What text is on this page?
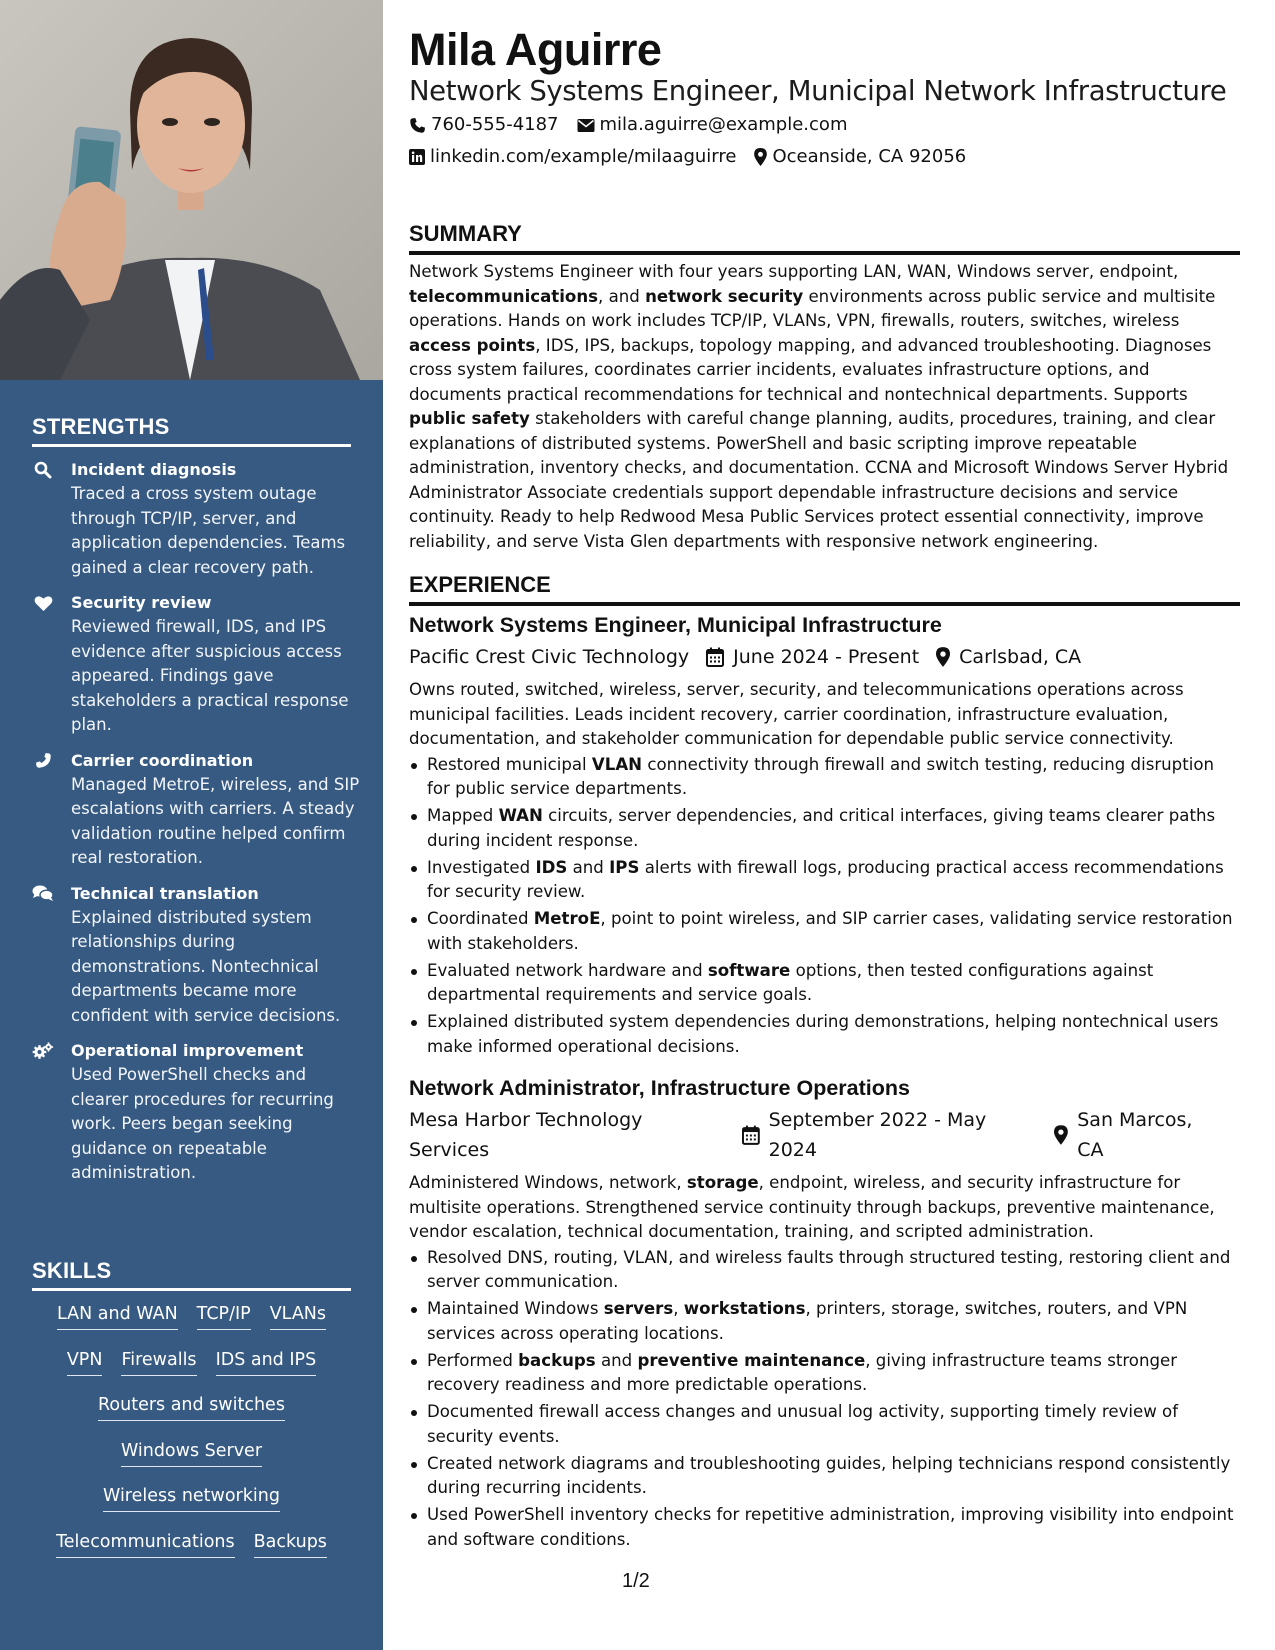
STRENGTHS
Incident diagnosis
Traced a cross system outage through TCP/IP, server, and application dependencies. Teams gained a clear recovery path.
Security review
Reviewed firewall, IDS, and IPS evidence after suspicious access appeared. Findings gave stakeholders a practical response plan.
Carrier coordination
Managed MetroE, wireless, and SIP escalations with carriers. A steady validation routine helped confirm real restoration.
Technical translation
Explained distributed system relationships during demonstrations. Nontechnical departments became more confident with service decisions.
Operational improvement
Used PowerShell checks and clearer procedures for recurring work. Peers began seeking guidance on repeatable administration.
SKILLS
LAN and WAN TCP/IP VLANs
VPN Firewalls IDS and IPS
Routers and switches
Windows Server
Wireless networking
Telecommunications Backups
Mila Aguirre
Network Systems Engineer, Municipal Network Infrastructure
760-555-4187 mila.aguirre@example.com
linkedin.com/example/milaaguirre Oceanside, CA 92056
SUMMARY
Network Systems Engineer with four years supporting LAN, WAN, Windows server, endpoint, telecommunications, and network security environments across public service and multisite operations. Hands on work includes TCP/IP, VLANs, VPN, firewalls, routers, switches, wireless access points, IDS, IPS, backups, topology mapping, and advanced troubleshooting. Diagnoses cross system failures, coordinates carrier incidents, evaluates infrastructure options, and documents practical recommendations for technical and nontechnical departments. Supports public safety stakeholders with careful change planning, audits, procedures, training, and clear explanations of distributed systems. PowerShell and basic scripting improve repeatable administration, inventory checks, and documentation. CCNA and Microsoft Windows Server Hybrid Administrator Associate credentials support dependable infrastructure decisions and service continuity. Ready to help Redwood Mesa Public Services protect essential connectivity, improve reliability, and serve Vista Glen departments with responsive network engineering.
EXPERIENCE
Network Systems Engineer, Municipal Infrastructure
Pacific Crest Civic Technology June 2024 - Present Carlsbad, CA
Owns routed, switched, wireless, server, security, and telecommunications operations across municipal facilities. Leads incident recovery, carrier coordination, infrastructure evaluation, documentation, and stakeholder communication for dependable public service connectivity.
Restored municipal VLAN connectivity through firewall and switch testing, reducing disruption for public service departments.
Mapped WAN circuits, server dependencies, and critical interfaces, giving teams clearer paths during incident response.
Investigated IDS and IPS alerts with firewall logs, producing practical access recommendations for security review.
Coordinated MetroE, point to point wireless, and SIP carrier cases, validating service restoration with stakeholders.
Evaluated network hardware and software options, then tested configurations against departmental requirements and service goals.
Explained distributed system dependencies during demonstrations, helping nontechnical users make informed operational decisions.
Network Administrator, Infrastructure Operations
Mesa Harbor Technology Services
September 2022 - May 2024
San Marcos, CA
Administered Windows, network, storage, endpoint, wireless, and security infrastructure for multisite operations. Strengthened service continuity through backups, preventive maintenance, vendor escalation, technical documentation, training, and scripted administration.
Resolved DNS, routing, VLAN, and wireless faults through structured testing, restoring client and server communication.
Maintained Windows servers, workstations, printers, storage, switches, routers, and VPN services across operating locations.
Performed backups and preventive maintenance, giving infrastructure teams stronger recovery readiness and more predictable operations.
Documented firewall access changes and unusual log activity, supporting timely review of security events.
Created network diagrams and troubleshooting guides, helping technicians respond consistently during recurring incidents.
Used PowerShell inventory checks for repetitive administration, improving visibility into endpoint and software conditions.
1/2
